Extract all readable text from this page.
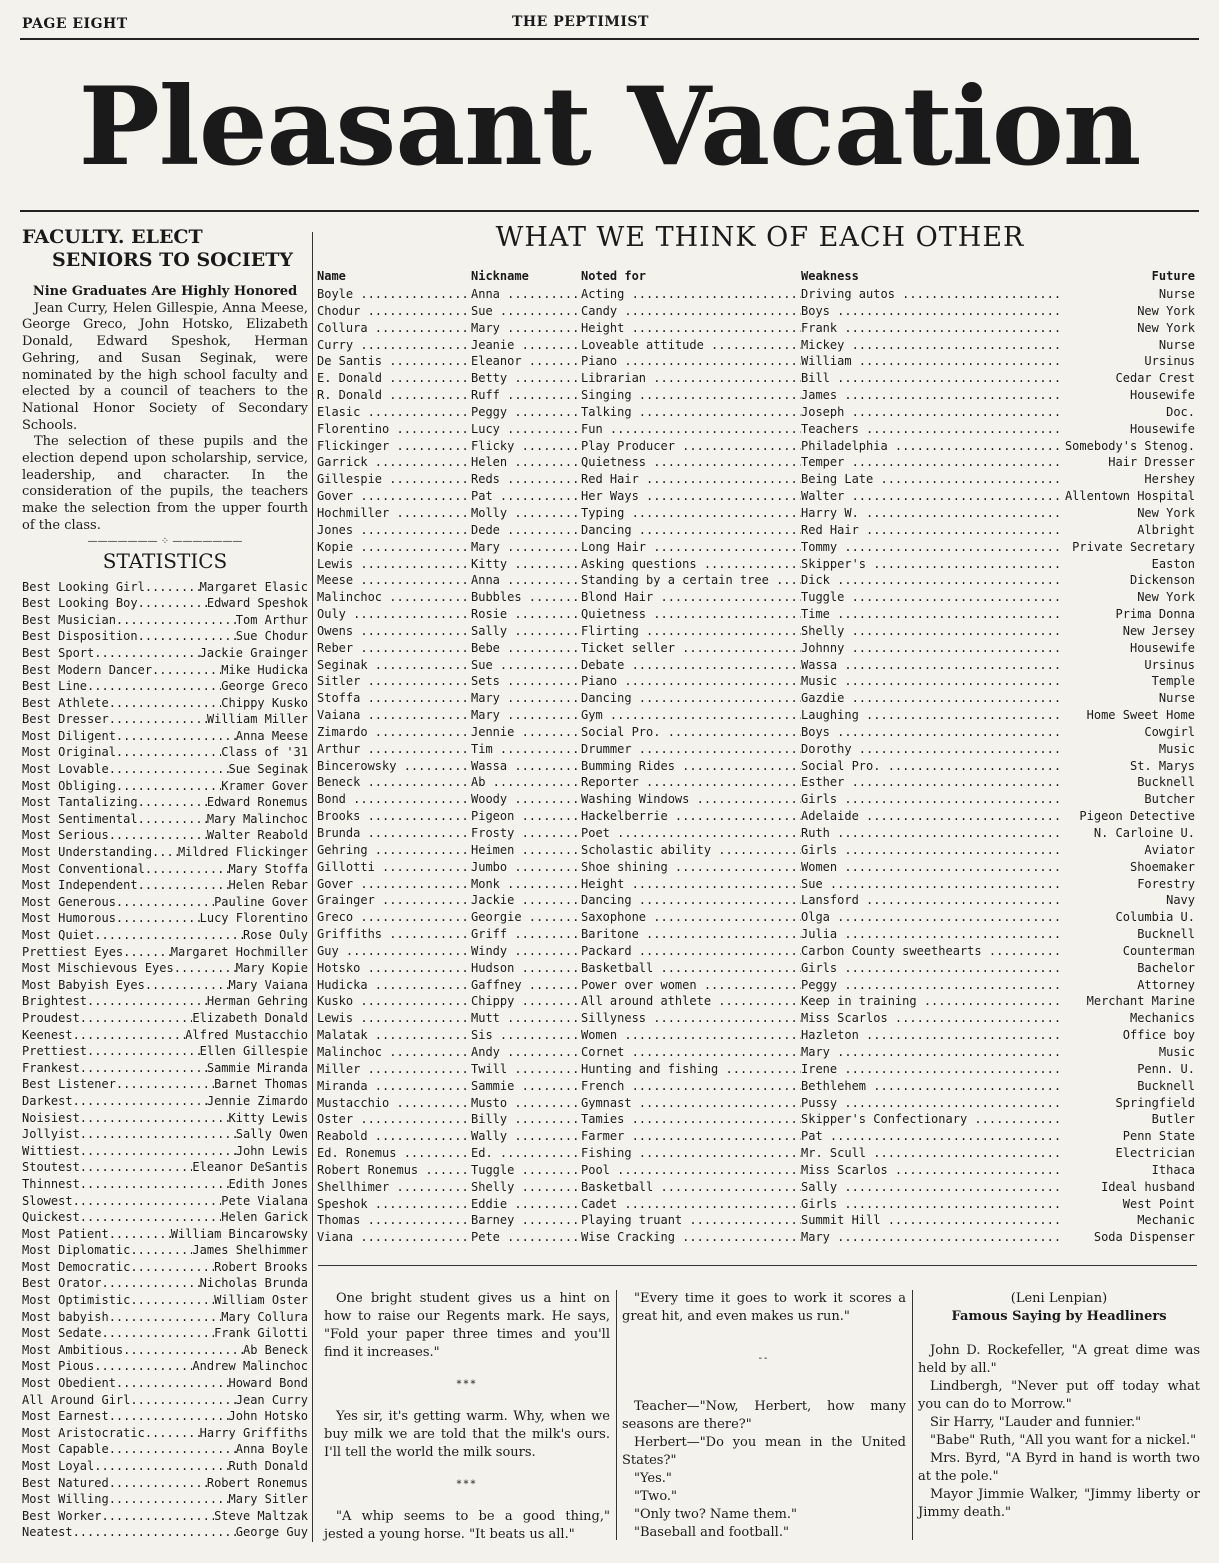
PAGE EIGHT	THE PEPTIMIST
Pleasant Vacation
FACULTY. ELECT
SENIORS TO SOCIETY
Nine Graduates Are Highly Honored

Jean Curry, Helen Gillespie, Anna Meese, George Greco, John Hotsko, Elizabeth Donald, Edward Speshok, Herman Gehring, and Susan Seginak, were nominated by the high school faculty and elected by a council of teachers to the National Honor Society of Secondary Schools.

The selection of these pupils and the election depend upon scholarship, service, leadership, and character. In the consideration of the pupils, the teachers make the selection from the upper fourth of the class.

——————— ⁘ ———————
STATISTICS
Best Looking Girl .....	Margaret Elasic
Best Looking Boy .....	Edward Speshok
Best Musician .....	Tom Arthur
Best Disposition .....	Sue Chodur
Best Sport .....	Jackie Grainger
Best Modern Dancer .....	Mike Hudicka
Best Line .....	George Greco
Best Athlete .....	Chippy Kusko
Best Dresser .....	William Miller
Most Diligent .....	Anna Meese
Most Original .....	Class of '31
Most Lovable .....	Sue Seginak
Most Obliging .....	Kramer Gover
Most Tantalizing .....	Edward Ronemus
Most Sentimental .....	Mary Malinchoc
Most Serious .....	Walter Reabold
Most Understanding ..... Mildred Flickinger
Most Conventional .....	Mary Stoffa
Most Independent .....	Helen Rebar
Most Generous .....	Pauline Gover
Most Humorous .....	Lucy Florentino
Most Quiet .....	Rose Ouly
Prettiest Eyes .....	Margaret Hochmiller
Most Mischievous Eyes .....	Mary Kopie
Most Babyish Eyes .....	Mary Vaiana
Brightest .....	Herman Gehring
Proudest .....	Elizabeth Donald
Keenest .....	Alfred Mustacchio
Prettiest .....	Ellen Gillespie
Frankest .....	Sammie Miranda
Best Listener .....	Barnet Thomas
Darkest .....	Jennie Zimardo
Noisiest .....	Kitty Lewis
Jollyist .....	Sally Owen
Wittiest .....	John Lewis
Stoutest .....	Eleanor DeSantis
Thinnest .....	Edith Jones
Slowest .....	Pete Vialana
Quickest .....	Helen Garick
Most Patient .....	William Bincarowsky
Most Diplomatic .....	James Shelhimmer
Most Democratic .....	Robert Brooks
Best Orator .....	Nicholas Brunda
Most Optimistic .....	William Oster
Most babyish .....	Mary Collura
Most Sedate .....	Frank Gilotti
Most Ambitious .....	Ab Beneck
Most Pious .....	Andrew Malinchoc
Most Obedient .....	Howard Bond
All Around Girl .....	Jean Curry
Most Earnest .....	John Hotsko
Most Aristocratic .....	Harry Griffiths
Most Capable .....	Anna Boyle
Most Loyal .....	Ruth Donald
Best Natured .....	Robert Ronemus
Most Willing .....	Mary Sitler
Best Worker .....	Steve Maltzak
Neatest .....	George Guy
WHAT WE THINK OF EACH OTHER
Name	Nickname	Noted for	Weakness	Future
Boyle .....	Anna .....	Acting .....	Driving autos .....	Nurse
Chodur .....	Sue .....	Candy .....	Boys .....	New York
Collura .....	Mary .....	Height .....	Frank .....	New York
Curry .....	Jeanie .....	Loveable attitude .....	Mickey .....	Nurse
De Santis .....	Eleanor .....	Piano .....	William .....	Ursinus
E. Donald .....	Betty .....	Librarian .....	Bill .....	Cedar Crest
R. Donald .....	Ruff .....	Singing .....	James .....	Housewife
Elasic .....	Peggy .....	Talking .....	Joseph .....	Doc.
Florentino .....	Lucy .....	Fun .....	Teachers .....	Housewife
Flickinger .....	Flicky .....	Play Producer .....	Philadelphia .....	Somebody's Stenog.
Garrick .....	Helen .....	Quietness .....	Temper .....	Hair Dresser
Gillespie .....	Reds .....	Red Hair .....	Being Late .....	Hershey
Gover .....	Pat .....	Her Ways .....	Walter .....	Allentown Hospital
Hochmiller .....	Molly .....	Typing .....	Harry W. .....	New York
Jones .....	Dede .....	Dancing .....	Red Hair .....	Albright
Kopie .....	Mary .....	Long Hair .....	Tommy .....	Private Secretary
Lewis .....	Kitty .....	Asking questions .....	Skipper's .....	Easton
Meese .....	Anna .....	Standing by a certain tree .....	Dick .....	Dickenson
Malinchoc .....	Bubbles .....	Blond Hair .....	Tuggle .....	New York
Ouly .....	Rosie .....	Quietness .....	Time .....	Prima Donna
Owens .....	Sally .....	Flirting .....	Shelly .....	New Jersey
Reber .....	Bebe .....	Ticket seller .....	Johnny .....	Housewife
Seginak .....	Sue .....	Debate .....	Wassa .....	Ursinus
Sitler .....	Sets .....	Piano .....	Music .....	Temple
Stoffa .....	Mary .....	Dancing .....	Gazdie .....	Nurse
Vaiana .....	Mary .....	Gym .....	Laughing .....	Home Sweet Home
Zimardo .....	Jennie .....	Social Pro. .....	Boys .....	Cowgirl
Arthur .....	Tim .....	Drummer .....	Dorothy .....	Music
Bincerowsky .....	Wassa .....	Bumming Rides .....	Social Pro. .....	St. Marys
Beneck .....	Ab .....	Reporter .....	Esther .....	Bucknell
Bond .....	Woody .....	Washing Windows .....	Girls .....	Butcher
Brooks .....	Pigeon .....	Hackelberrie .....	Adelaide .....	Pigeon Detective
Brunda .....	Frosty .....	Poet .....	Ruth .....	N. Carloine U.
Gehring .....	Heimen .....	Scholastic ability .....	Girls .....	Aviator
Gillotti .....	Jumbo .....	Shoe shining .....	Women .....	Shoemaker
Gover .....	Monk .....	Height .....	Sue .....	Forestry
Grainger .....	Jackie .....	Dancing .....	Lansford .....	Navy
Greco .....	Georgie .....	Saxophone .....	Olga .....	Columbia U.
Griffiths .....	Griff .....	Baritone .....	Julia .....	Bucknell
Guy .....	Windy .....	Packard .....	Carbon County sweethearts .....	Counterman
Hotsko .....	Hudson .....	Basketball .....	Girls .....	Bachelor
Hudicka .....	Gaffney .....	Power over women .....	Peggy .....	Attorney
Kusko .....	Chippy .....	All around athlete .....	Keep in training .....	Merchant Marine
Lewis .....	Mutt .....	Sillyness .....	Miss Scarlos .....	Mechanics
Malatak .....	Sis .....	Women .....	Hazleton .....	Office boy
Malinchoc .....	Andy .....	Cornet .....	Mary .....	Music
Miller .....	Twill .....	Hunting and fishing .....	Irene .....	Penn. U.
Miranda .....	Sammie .....	French .....	Bethlehem .....	Bucknell
Mustacchio .....	Musto .....	Gymnast .....	Pussy .....	Springfield
Oster .....	Billy .....	Tamies .....	Skipper's Confectionary .....	Butler
Reabold .....	Wally .....	Farmer .....	Pat .....	Penn State
Ed. Ronemus .....	Ed. .....	Fishing .....	Mr. Scull .....	Electrician
Robert Ronemus .....	Tuggle .....	Pool .....	Miss Scarlos .....	Ithaca
Shellhimer .....	Shelly .....	Basketball .....	Sally .....	Ideal husband
Speshok .....	Eddie .....	Cadet .....	Girls .....	West Point
Thomas .....	Barney .....	Playing truant .....	Summit Hill .....	Mechanic
Viana .....	Pete .....	Wise Cracking .....	Mary .....	Soda Dispenser

One bright student gives us a hint on how to raise our Regents mark. He says, "Fold your paper three times and you'll find it increases."

***

Yes sir, it's getting warm. Why, when we buy milk we are told that the milk's ours. I'll tell the world the milk sours.

***

"A whip seems to be a good thing," jested a young horse. "It beats us all."

"Every time it goes to work it scores a great hit, and even makes us run."

--

Teacher—"Now, Herbert, how many seasons are there?"

Herbert—"Do you mean in the United States?"

"Yes."

"Two."

"Only two? Name them."

"Baseball and football."

(Leni Lenpian)
Famous Saying by Headliners

John D. Rockefeller, "A great dime was held by all."

Lindbergh, "Never put off today what you can do to Morrow."

Sir Harry, "Lauder and funnier."

"Babe" Ruth, "All you want for a nickel."

Mrs. Byrd, "A Byrd in hand is worth two at the pole."

Mayor Jimmie Walker, "Jimmy liberty or Jimmy death."
